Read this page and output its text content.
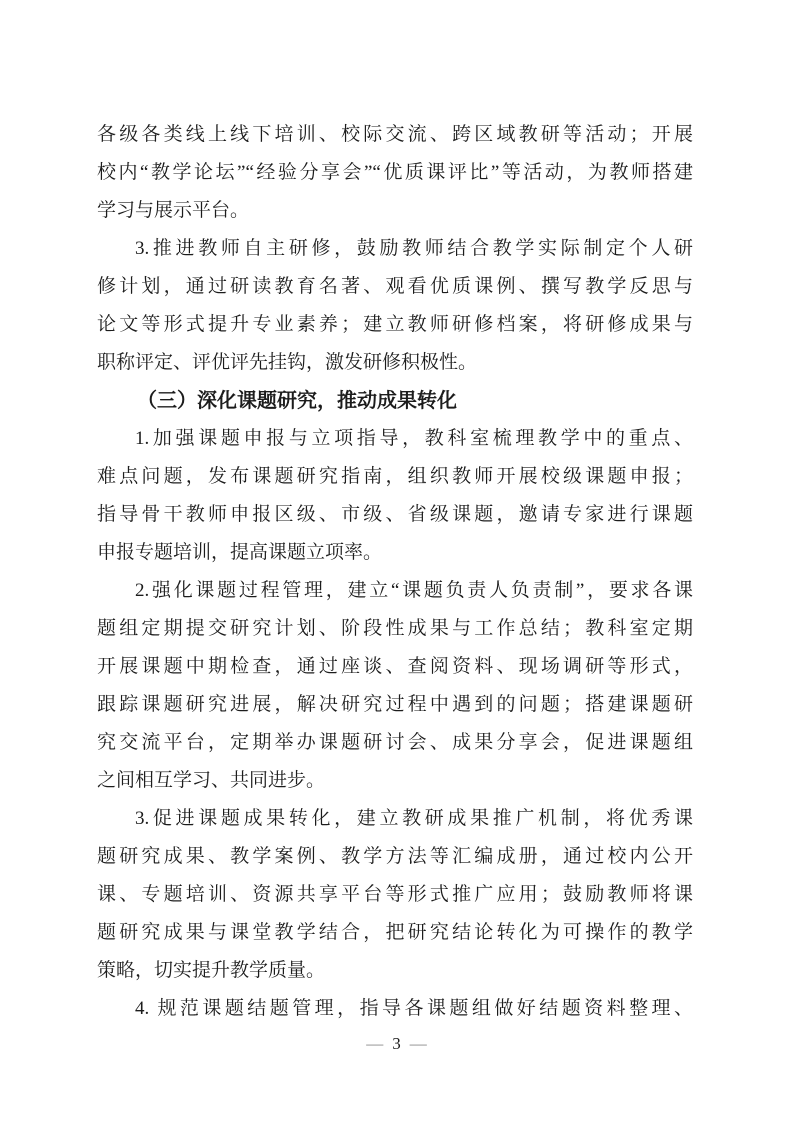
各级各类线上线下培训、校际交流、跨区域教研等活动；开展
校内“教学论坛”“经验分享会”“优质课评比”等活动，为教师搭建
学习与展示平台。
3.推进教师自主研修，鼓励教师结合教学实际制定个人研
修计划，通过研读教育名著、观看优质课例、撰写教学反思与
论文等形式提升专业素养；建立教师研修档案，将研修成果与
职称评定、评优评先挂钩，激发研修积极性。
（三）深化课题研究，推动成果转化
1.加强课题申报与立项指导，教科室梳理教学中的重点、
难点问题，发布课题研究指南，组织教师开展校级课题申报；
指导骨干教师申报区级、市级、省级课题，邀请专家进行课题
申报专题培训，提高课题立项率。
2.强化课题过程管理，建立“课题负责人负责制”，要求各课
题组定期提交研究计划、阶段性成果与工作总结；教科室定期
开展课题中期检查，通过座谈、查阅资料、现场调研等形式，
跟踪课题研究进展，解决研究过程中遇到的问题；搭建课题研
究交流平台，定期举办课题研讨会、成果分享会，促进课题组
之间相互学习、共同进步。
3.促进课题成果转化，建立教研成果推广机制，将优秀课
题研究成果、教学案例、教学方法等汇编成册，通过校内公开
课、专题培训、资源共享平台等形式推广应用；鼓励教师将课
题研究成果与课堂教学结合，把研究结论转化为可操作的教学
策略，切实提升教学质量。
4. 规范课题结题管理，指导各课题组做好结题资料整理、
— 3 —
